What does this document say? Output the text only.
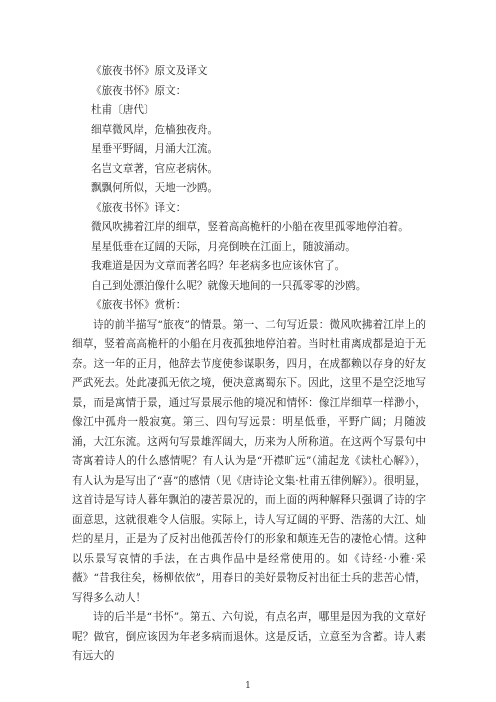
《旅夜书怀》原文及译文

《旅夜书怀》原文：

杜甫〔唐代〕

细草微风岸，危樯独夜舟。

星垂平野阔，月涌大江流。

名岂文章著，官应老病休。

飘飘何所似，天地一沙鸥。

《旅夜书怀》译文：

微风吹拂着江岸的细草，竖着高高桅杆的小船在夜里孤零地停泊着。

星星低垂在辽阔的天际，月亮倒映在江面上，随波涌动。

我难道是因为文章而著名吗？年老病多也应该休官了。

自己到处漂泊像什么呢？就像天地间的一只孤零零的沙鸥。

《旅夜书怀》赏析：

诗的前半描写“旅夜”的情景。第一、二句写近景：微风吹拂着江岸上的细草，竖着高高桅杆的小船在月夜孤独地停泊着。当时杜甫离成都是迫于无奈。这一年的正月，他辞去节度使参谋职务，四月，在成都赖以存身的好友严武死去。处此凄孤无依之境，便决意离蜀东下。因此，这里不是空泛地写景，而是寓情于景，通过写景展示他的境况和情怀：像江岸细草一样渺小，像江中孤舟一般寂寞。第三、四句写远景：明星低垂，平野广阔；月随波涌，大江东流。这两句写景雄浑阔大，历来为人所称道。在这两个写景句中寄寓着诗人的什么感情呢？有人认为是“开襟旷远”（浦起龙《读杜心解》），有人认为是写出了“喜”的感情（见《唐诗论文集·杜甫五律例解》）。很明显，这首诗是写诗人暮年飘泊的凄苦景况的，而上面的两种解释只强调了诗的字面意思，这就很难令人信服。实际上，诗人写辽阔的平野、浩荡的大江、灿烂的星月，正是为了反衬出他孤苦伶仃的形象和颠连无告的凄怆心情。这种以乐景写哀情的手法，在古典作品中是经常使用的。如《诗经·小雅·采薇》“昔我往矣，杨柳依依”，用春日的美好景物反衬出征士兵的悲苦心情，写得多么动人！

诗的后半是“书怀”。第五、六句说，有点名声，哪里是因为我的文章好呢？做官，倒应该因为年老多病而退休。这是反话，立意至为含蓄。诗人素有远大的

1
